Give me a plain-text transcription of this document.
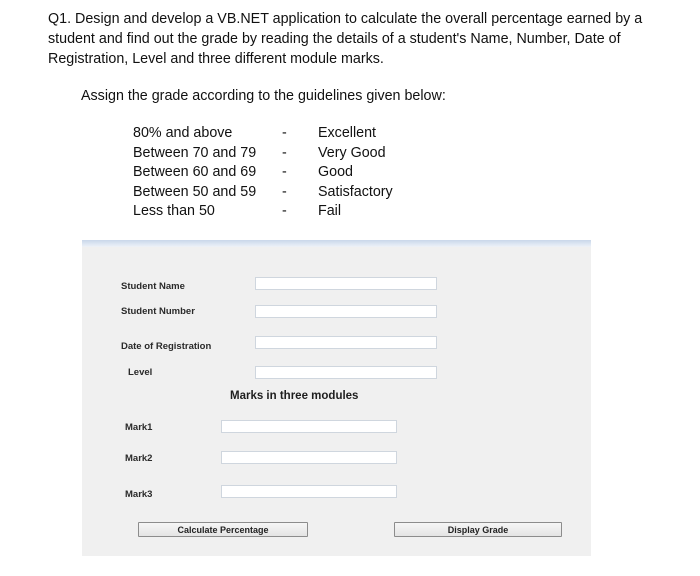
Q1. Design and develop a VB.NET application to calculate the overall percentage earned by a student and find out the grade by reading the details of a student's Name, Number, Date of Registration, Level and three different module marks.

Assign the grade according to the guidelines given below:

80% and above	- Excellent
Between 70 and 79 - Very Good
Between 60 and 69 - Good
Between 50 and 59 - Satisfactory
Less than 50	- Fail
Student Name
Student Number
Date of Registration
Level
Marks in three modules
Mark1
Mark2
Mark3
Calculate Percentage	Display Grade
